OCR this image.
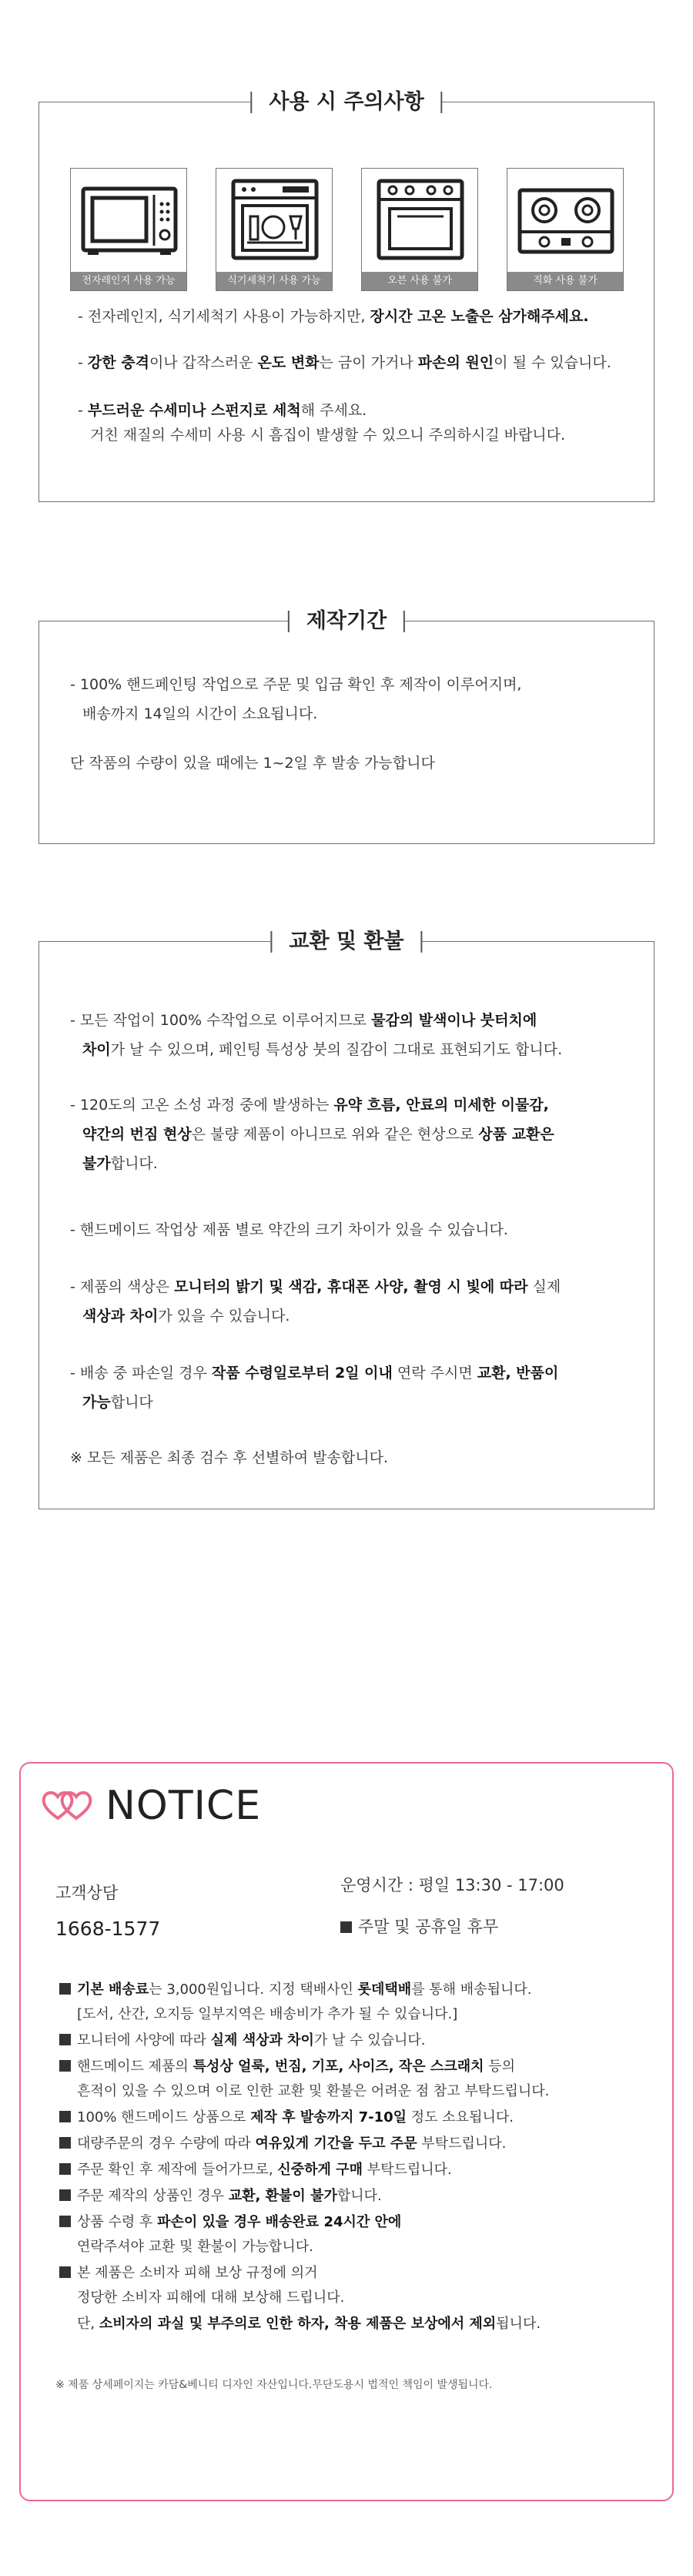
사용 시 주의사항
전자레인지 사용 가능	식기세척기 사용 가능	오븐 사용 불가	직화 사용 불가

- 전자레인지, 식기세척기 사용이 가능하지만, 장시간 고온 노출은 삼가해주세요.

- 강한 충격이나 갑작스러운 온도 변화는 금이 가거나 파손의 원인이 될 수 있습니다.

- 부드러운 수세미나 스펀지로 세척해 주세요.

거친 재질의 수세미 사용 시 흠집이 발생할 수 있으니 주의하시길 바랍니다.

제작기간

- 100% 핸드페인팅 작업으로 주문 및 입금 확인 후 제작이 이루어지며,

배송까지 14일의 시간이 소요됩니다.

단 작품의 수량이 있을 때에는 1~2일 후 발송 가능합니다

교환 및 환불

- 모든 작업이 100% 수작업으로 이루어지므로 물감의 발색이나 붓터치에

차이가 날 수 있으며, 페인팅 특성상 붓의 질감이 그대로 표현되기도 합니다.

- 120도의 고온 소성 과정 중에 발생하는 유약 흐름, 안료의 미세한 이물감,

약간의 번짐 현상은 불량 제품이 아니므로 위와 같은 현상으로 상품 교환은

불가합니다.

- 핸드메이드 작업상 제품 별로 약간의 크기 차이가 있을 수 있습니다.

- 제품의 색상은 모니터의 밝기 및 색감, 휴대폰 사양, 촬영 시 빛에 따라 실제

색상과 차이가 있을 수 있습니다.

- 배송 중 파손일 경우 작품 수령일로부터 2일 이내 연락 주시면 교환, 반품이

가능합니다

※ 모든 제품은 최종 검수 후 선별하여 발송합니다.

NOTICE
고객상담
1668-1577
운영시간 : 평일 13:30 - 17:00
주말 및 공휴일 휴무

기본 배송료는 3,000원입니다. 지정 택배사인 롯데택배를 통해 배송됩니다.

[도서, 산간, 오지등 일부지역은 배송비가 추가 될 수 있습니다.]

모니터에 사양에 따라 실제 색상과 차이가 날 수 있습니다.

핸드메이드 제품의 특성상 얼룩, 번짐, 기포, 사이즈, 작은 스크래치 등의

흔적이 있을 수 있으며 이로 인한 교환 및 환불은 어려운 점 참고 부탁드립니다.

100% 핸드메이드 상품으로 제작 후 발송까지 7-10일 정도 소요됩니다.

대량주문의 경우 수량에 따라 여유있게 기간을 두고 주문 부탁드립니다.

주문 확인 후 제작에 들어가므로, 신중하게 구매 부탁드립니다.

주문 제작의 상품인 경우 교환, 환불이 불가합니다.

상품 수령 후 파손이 있을 경우 배송완료 24시간 안에

연락주셔야 교환 및 환불이 가능합니다.

본 제품은 소비자 피해 보상 규정에 의거

정당한 소비자 피해에 대해 보상해 드립니다.

단, 소비자의 과실 및 부주의로 인한 하자, 착용 제품은 보상에서 제외됩니다.

※ 제품 상세페이지는 카담&베니티 디자인 자산입니다.무단도용시 법적인 책임이 발생됩니다.
